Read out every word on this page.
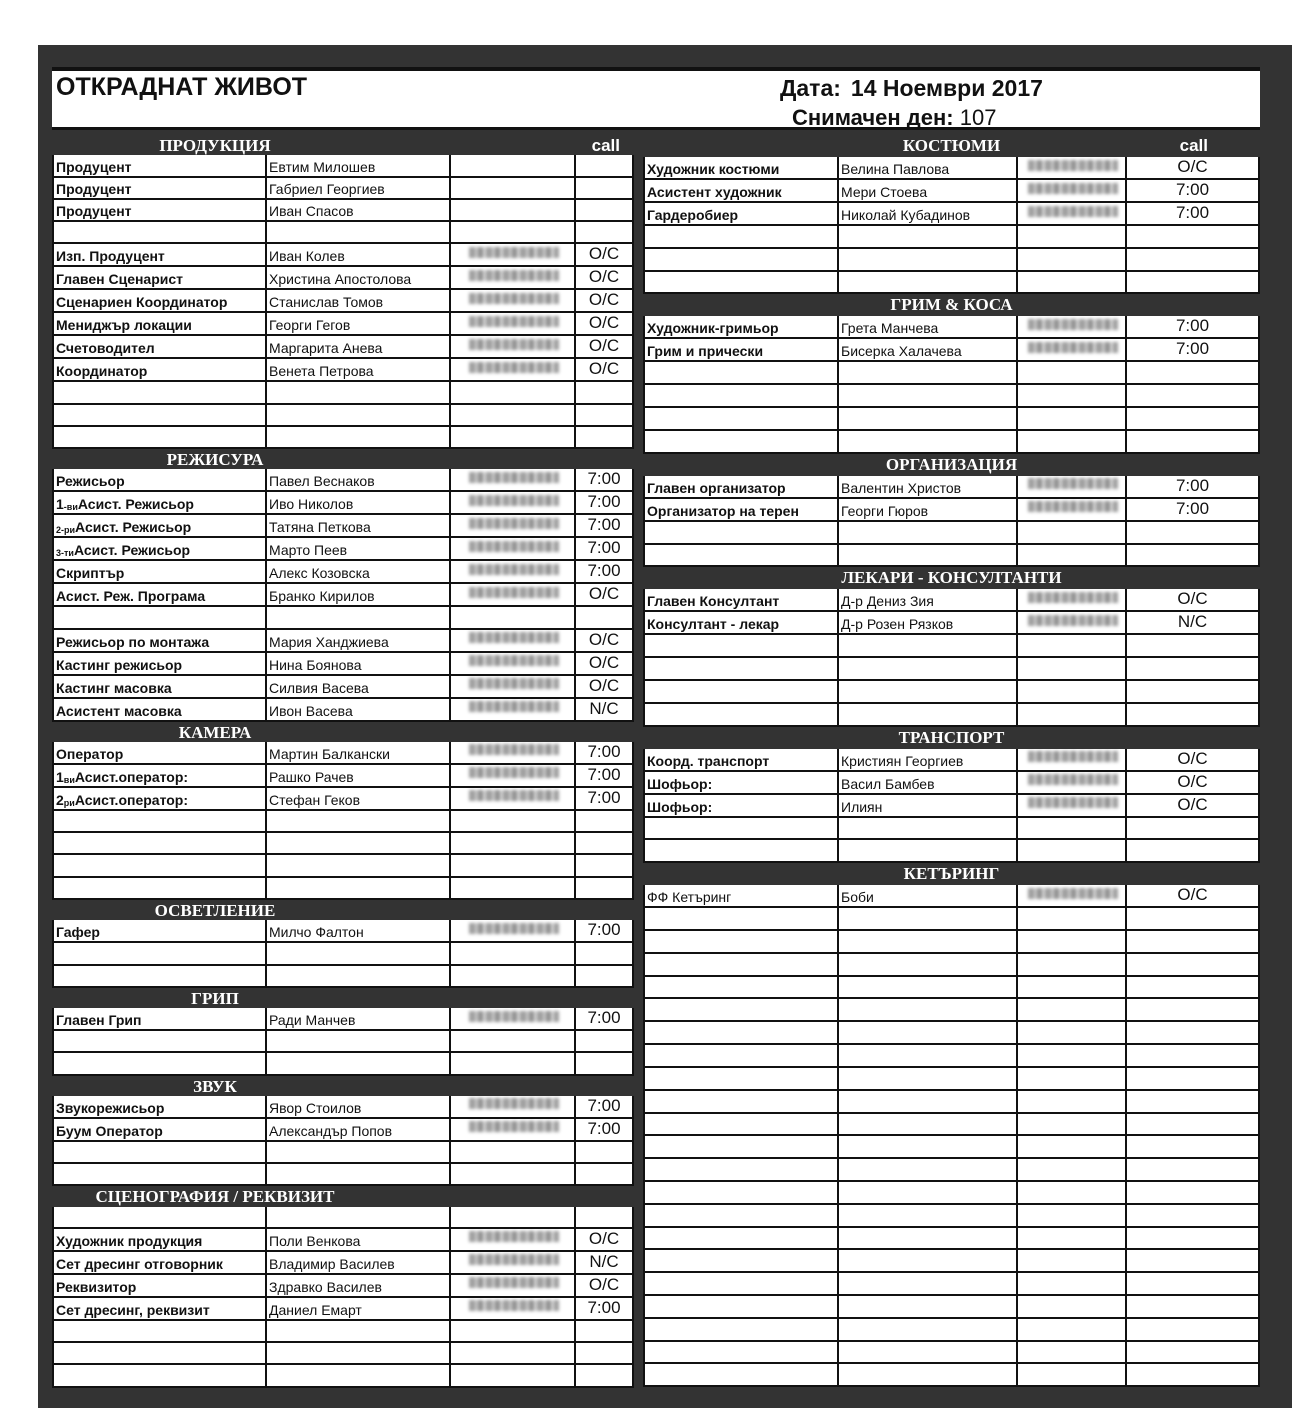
ОТКРАДНАТ ЖИВОТ	Дата: 14 Ноември 2017
Снимачен ден: 107
ПРОДУКЦИЯ	call
Продуцент	Евтим Милошев
Продуцент	Габриел Георгиев
Продуцент	Иван Спасов
Изп. Продуцент	Иван Колев	O/C
Главен Сценарист	Христина Апостолова	O/C
Сценариен Координатор	Станислав Томов	O/C
Мениджър локации	Георги Гегов	O/C
Счетоводител	Маргарита Анева	O/C
Координатор	Венета Петрова	O/C
РЕЖИСУРА
Режисьор	Павел Веснаков	7:00
$1_{-ви}$ Асист. Режисьор	Иво Николов	7:00
2-ри Асист. Режисьор	Татяна Петкова	7:00
3-ти Асист. Режисьор	Марто Пеев	7:00
Скриптър	Алекс Козовска	7:00
Асист. Реж. Програма	Бранко Кирилов	O/C
Режисьор по монтажа	Мария Ханджиева	O/C
Кастинг режисьор	Нина Боянова	O/C
Кастинг масовка	Силвия Васева	O/C
Асистент масовка	Ивон Васева	N/C
КАМЕРА
Оператор	Мартин Балкански	7:00
$1_{ви}$ Асист.оператор:	Рашко Рачев	7:00
$2_{ри}$ Асист.оператор:	Стефан Геков	7:00
ОСВЕТЛЕНИЕ
Гафер	Милчо Фалтон	7:00
ГРИП
Главен Грип	Ради Манчев	7:00
ЗВУК
Звукорежисьор	Явор Стоилов	7:00
Буум Оператор	Александър Попов	7:00
СЦЕНОГРАФИЯ / РЕКВИЗИТ
Художник продукция	Поли Венкова	O/C
Сет дресинг отговорник	Владимир Василев	N/C
Реквизитор	Здравко Василев	O/C
Сет дресинг, реквизит	Даниел Емарт	7:00
КОСТЮМИ	call
Художник костюми	Велина Павлова	O/C
Асистент художник	Мери Стоева	7:00
Гардеробиер	Николай Кубадинов	7:00
ГРИМ & КОСА
Художник-гримьор	Грета Манчева	7:00
Грим и прически	Бисерка Халачева	7:00
ОРГАНИЗАЦИЯ
Главен организатор	Валентин Христов	7:00
Организатор на терен	Георги Гюров	7:00
ЛЕКАРИ - КОНСУЛТАНТИ
Главен Консултант	Д-р Дениз Зия	O/C
Консултант - лекар	Д-р Розен Рязков	N/C
ТРАНСПОРТ
Коорд. транспорт	Кристиян Георгиев	O/C
Шофьор:	Васил Бамбев	O/C
Шофьор:	Илиян	O/C
КЕТЪРИНГ
ФФ Кетъринг	Боби	O/C
